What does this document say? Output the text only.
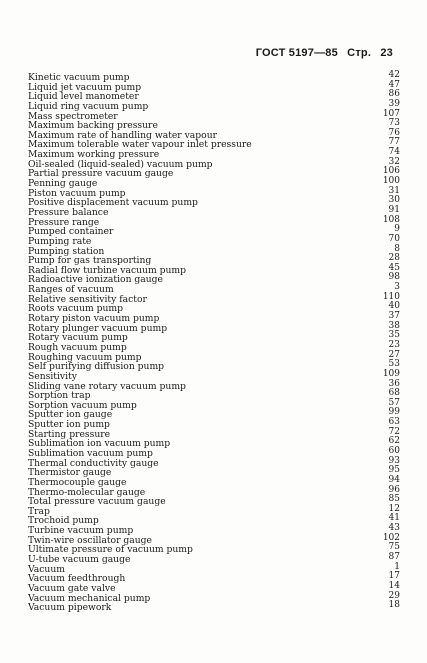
ГОСТ 5197—85 Стр. 23
Kinetic vacuum pump	42
Liquid jet vacuum pump	47
Liquid level manometer	86
Liquid ring vacuum pump	39
Mass spectrometer	107
Maximum backing pressure	73
Maximum rate of handling water vapour	76
Maximum tolerable water vapour inlet pressure	77
Maximum working pressure	74
Oil-sealed (liquid-sealed) vacuum pump	32
Partial pressure vacuum gauge	106
Penning gauge	100
Piston vacuum pump	31
Positive displacement vacuum pump	30
Pressure balance	91
Pressure range	108
Pumped container	9
Pumping rate	70
Pumping station	8
Pump for gas transporting	28
Radial flow turbine vacuum pump	45
Radioactive ionization gauge	98
Ranges of vacuum	3
Relative sensitivity factor	110
Roots vacuum pump	40
Rotary piston vacuum pump	37
Rotary plunger vacuum pump	38
Rotary vacuum pump	35
Rough vacuum pump	23
Roughing vacuum pump	27
Self purifying diffusion pump	53
Sensitivity	109
Sliding vane rotary vacuum pump	36
Sorption trap	68
Sorption vacuum pump	57
Sputter ion gauge	99
Sputter ion pump	63
Starting pressure	72
Sublimation ion vacuum pump	62
Sublimation vacuum pump	60
Thermal conductivity gauge	93
Thermistor gauge	95
Thermocouple gauge	94
Thermo-molecular gauge	96
Total pressure vacuum gauge	85
Trap	12
Trochoid pump	41
Turbine vacuum pump	43
Twin-wire oscillator gauge	102
Ultimate pressure of vacuum pump	75
U-tube vacuum gauge	87
Vacuum	1
Vacuum feedthrough	17
Vacuum gate valve	14
Vacuum mechanical pump	29
Vacuum pipework	18
